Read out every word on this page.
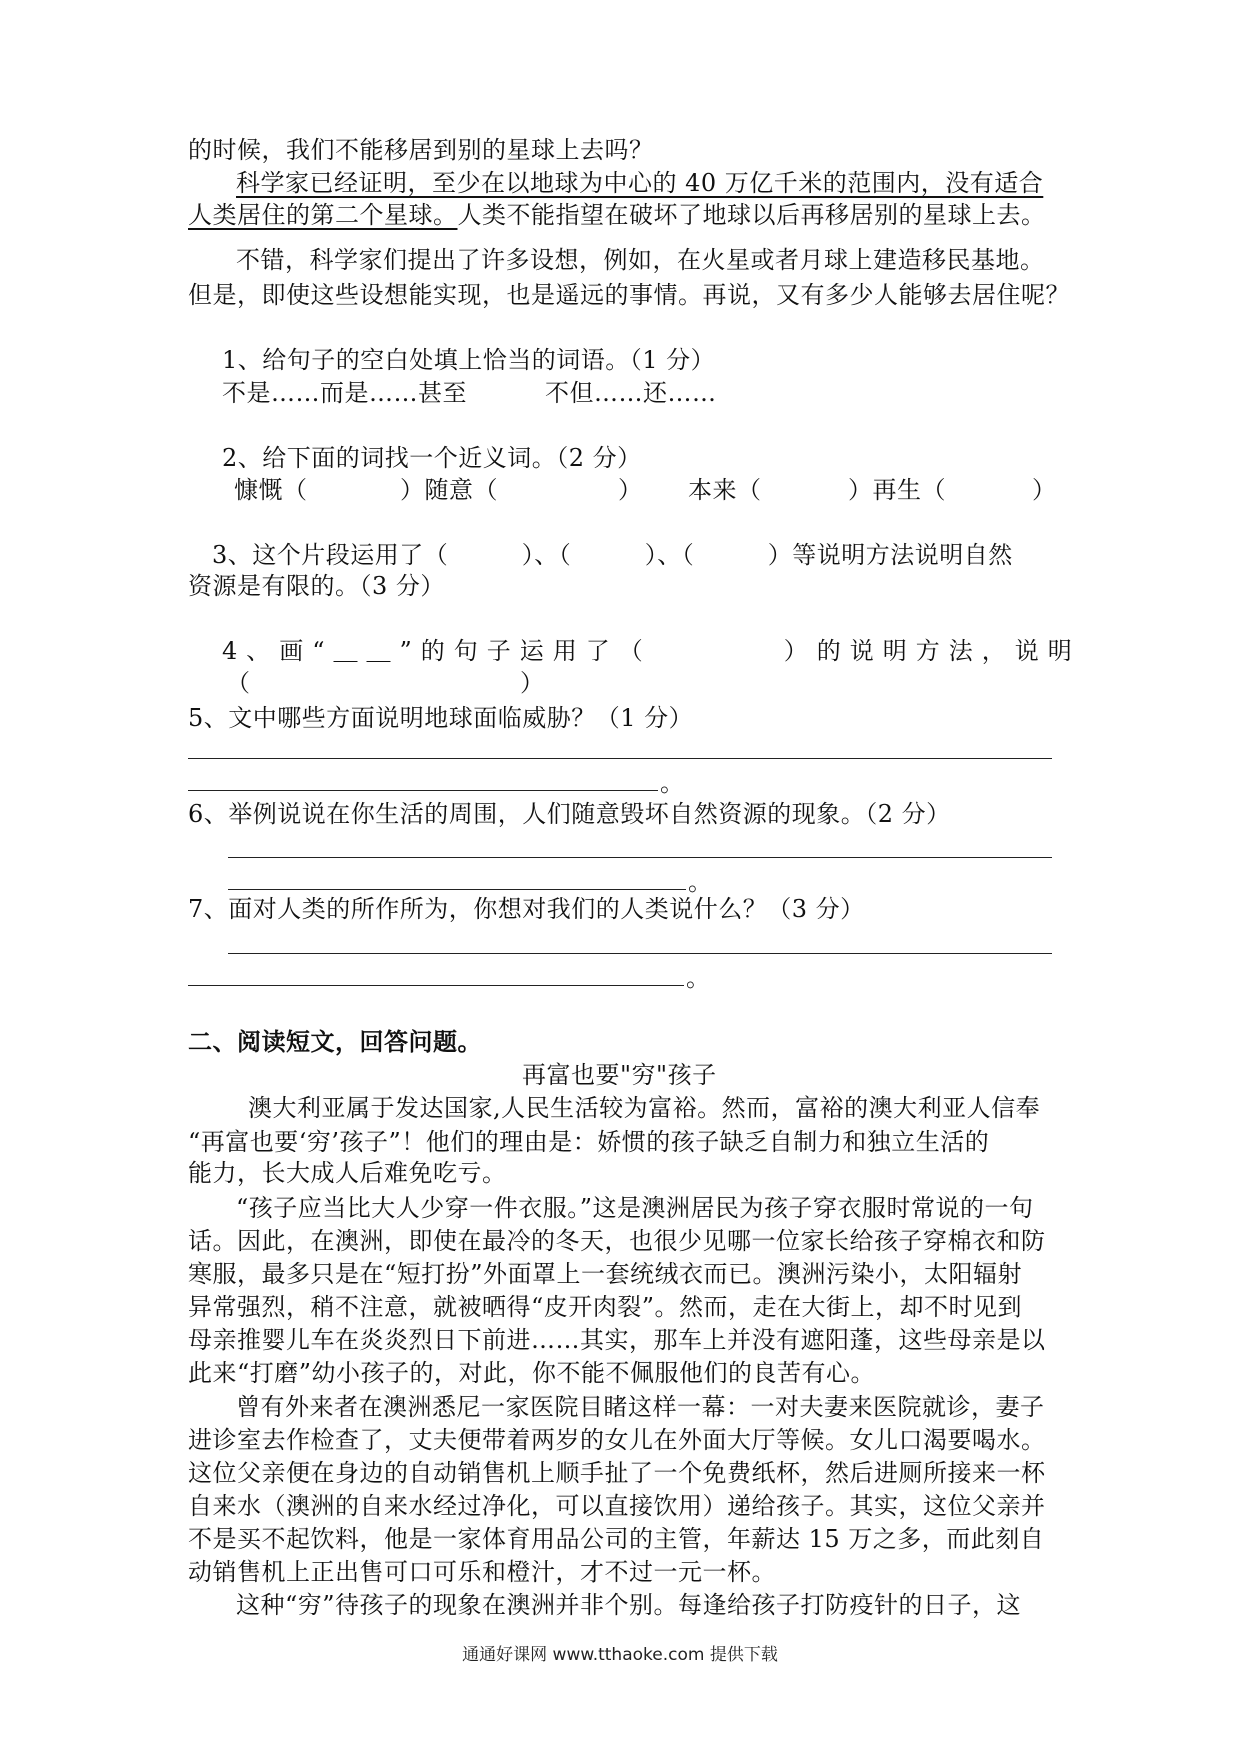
的时候，我们不能移居到别的星球上去吗？
科学家已经证明，至少在以地球为中心的 40 万亿千米的范围内，没有适合
人类居住的第二个星球。人类不能指望在破坏了地球以后再移居别的星球上去。
不错，科学家们提出了许多设想，例如，在火星或者月球上建造移民基地。
但是，即使这些设想能实现，也是遥远的事情。再说，又有多少人能够去居住呢？
1、给句子的空白处填上恰当的词语。（1 分）
不是……而是……甚至	不但……还……
2、给下面的词找一个近义词。（2 分）
慷慨（	）随意（	） 本来（	）再生（	）
3、这个片段运用了（　　　）、（　　　）、（　　　）等说明方法说明自然
资源是有限的。（3 分）
4、画“＿＿”的句子运用了（　　　　）的说明方法，说明
（　　　　　　　　　　　）
5、文中哪些方面说明地球面临威胁？（1 分）
。
6、举例说说在你生活的周围，人们随意毁坏自然资源的现象。（2 分）
。
7、面对人类的所作所为，你想对我们的人类说什么？（3 分）
。
二、阅读短文，回答问题。
再富也要"穷"孩子
澳大利亚属于发达国家,人民生活较为富裕。然而，富裕的澳大利亚人信奉
“再富也要‘穷’孩子”！他们的理由是：娇惯的孩子缺乏自制力和独立生活的
能力，长大成人后难免吃亏。
“孩子应当比大人少穿一件衣服。”这是澳洲居民为孩子穿衣服时常说的一句
话。因此，在澳洲，即使在最冷的冬天，也很少见哪一位家长给孩子穿棉衣和防
寒服，最多只是在“短打扮”外面罩上一套统绒衣而已。澳洲污染小，太阳辐射
异常强烈，稍不注意，就被晒得“皮开肉裂”。然而，走在大街上，却不时见到
母亲推婴儿车在炎炎烈日下前进……其实，那车上并没有遮阳蓬，这些母亲是以
此来“打磨”幼小孩子的，对此，你不能不佩服他们的良苦有心。
曾有外来者在澳洲悉尼一家医院目睹这样一幕：一对夫妻来医院就诊，妻子
进诊室去作检查了，丈夫便带着两岁的女儿在外面大厅等候。女儿口渴要喝水。
这位父亲便在身边的自动销售机上顺手扯了一个免费纸杯，然后进厕所接来一杯
自来水（澳洲的自来水经过净化，可以直接饮用）递给孩子。其实，这位父亲并
不是买不起饮料，他是一家体育用品公司的主管，年薪达 15 万之多，而此刻自
动销售机上正出售可口可乐和橙汁，才不过一元一杯。
这种“穷”待孩子的现象在澳洲并非个别。每逢给孩子打防疫针的日子，这
通通好课网 www.tthaoke.com 提供下载
